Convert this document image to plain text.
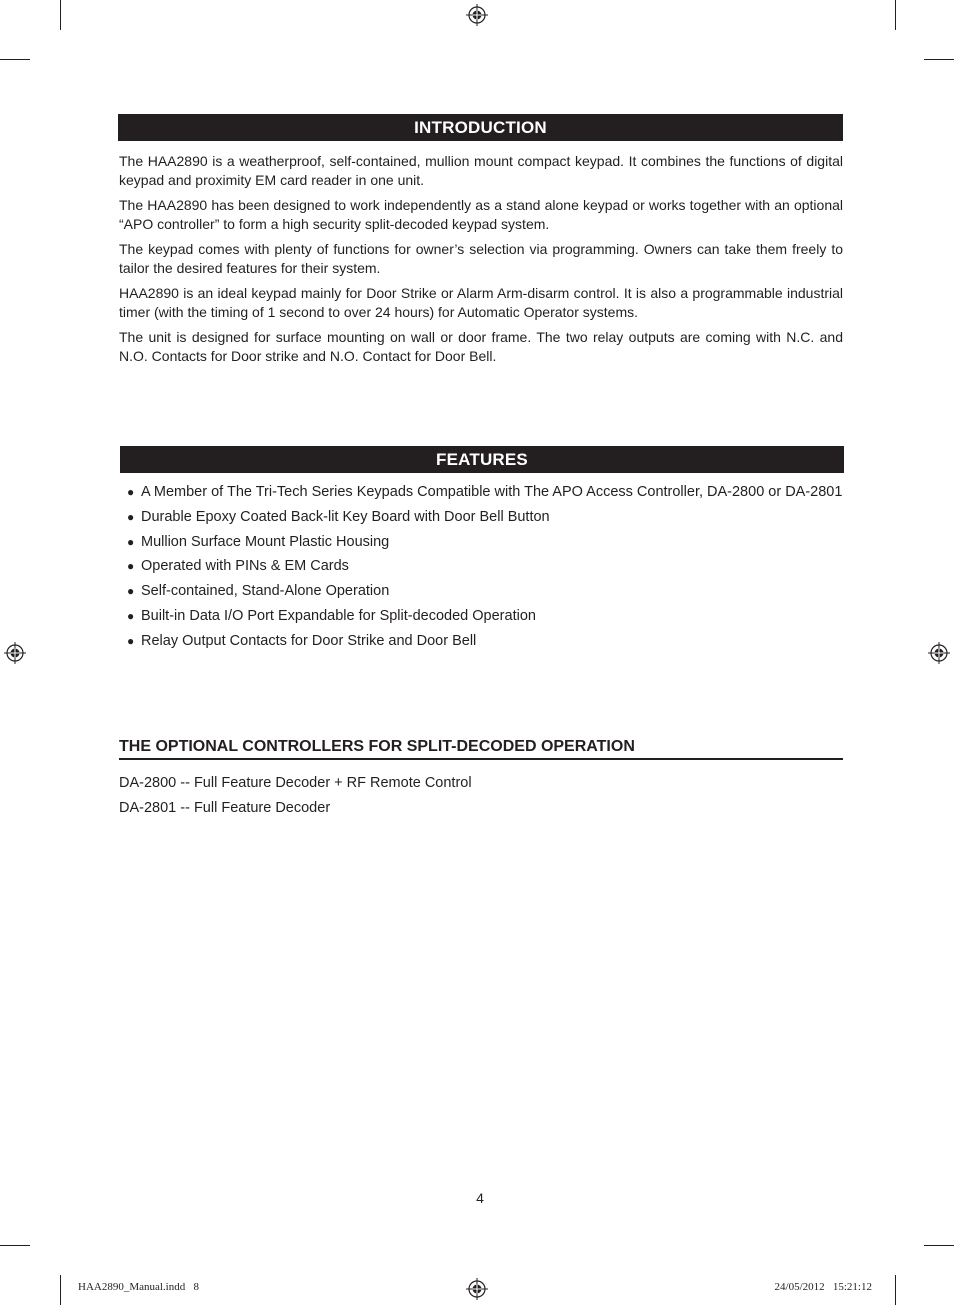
INTRODUCTION

The HAA2890 is a weatherproof, self-contained, mullion mount compact keypad. It combines the functions of digital keypad and proximity EM card reader in one unit.

The HAA2890 has been designed to work independently as a stand alone keypad or works together with an optional “APO controller” to form a high security split-decoded keypad system.

The keypad comes with plenty of functions for owner’s selection via programming. Owners can take them freely to tailor the desired features for their system.

HAA2890 is an ideal keypad mainly for Door Strike or Alarm Arm-disarm control. It is also a programmable industrial timer (with the timing of 1 second to over 24 hours) for Automatic Operator systems.

The unit is designed for surface mounting on wall or door frame. The two relay outputs are coming with N.C. and N.O. Contacts for Door strike and N.O. Contact for Door Bell.

FEATURES
● A Member of The Tri-Tech Series Keypads Compatible with The APO Access Controller, DA-2800 or DA-2801
● Durable Epoxy Coated Back-lit Key Board with Door Bell Button
● Mullion Surface Mount Plastic Housing
● Operated with PINs & EM Cards
● Self-contained, Stand-Alone Operation
● Built-in Data I/O Port Expandable for Split-decoded Operation
● Relay Output Contacts for Door Strike and Door Bell
THE OPTIONAL CONTROLLERS FOR SPLIT-DECODED OPERATION
DA-2800 -- Full Feature Decoder + RF Remote Control
DA-2801 -- Full Feature Decoder
4
HAA2890_Manual.indd   8	24/05/2012   15:21:12
